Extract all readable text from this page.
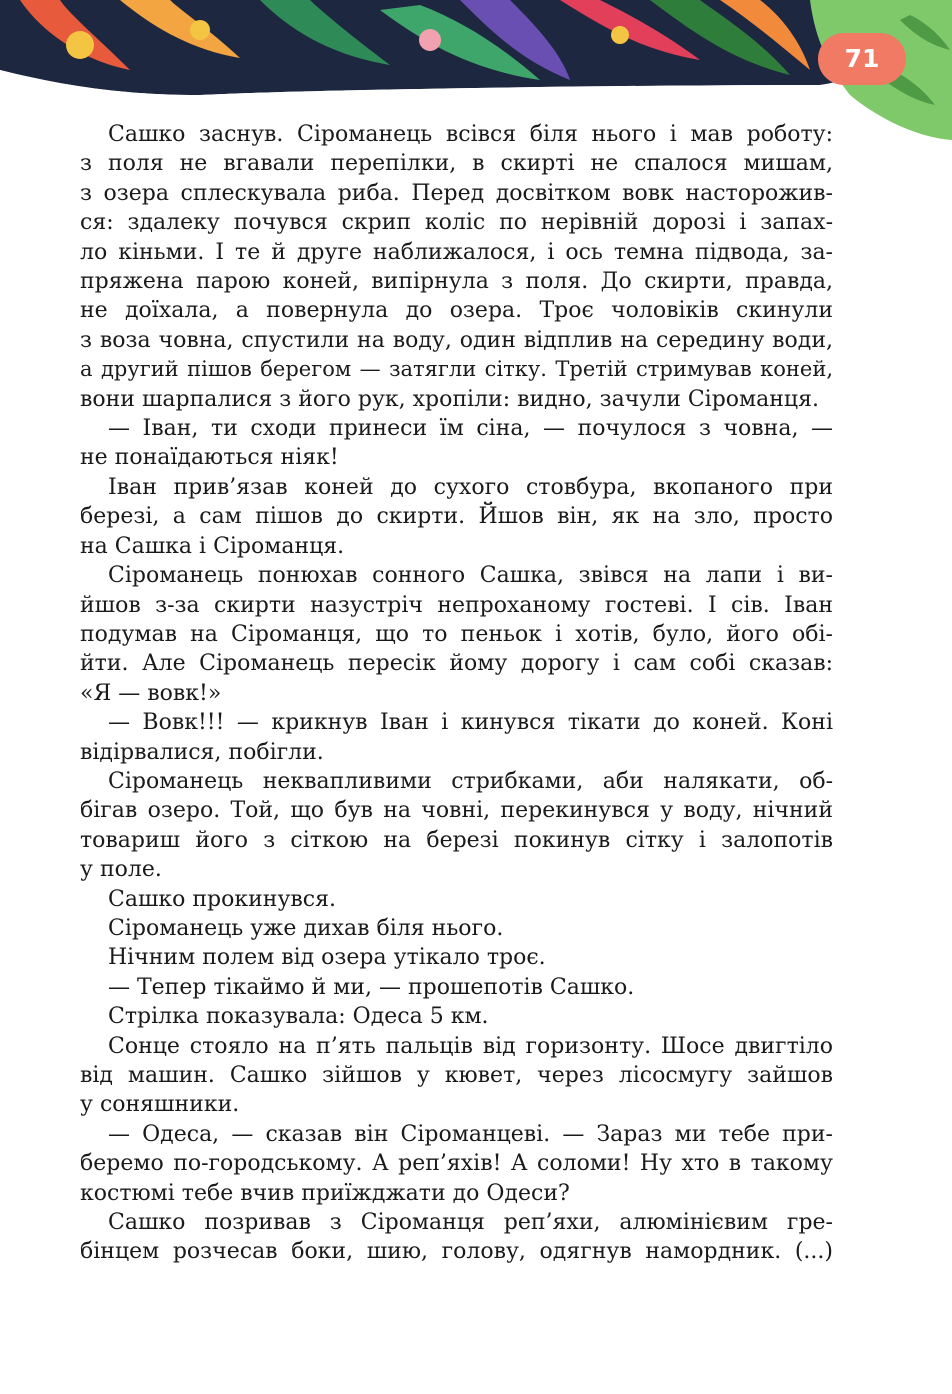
71

Сашко заснув. Сіроманець всівся біля нього і мав роботу:

з поля не вгавали перепілки, в скирті не спалося мишам,

з озера сплескувала риба. Перед досвітком вовк насторожив-

ся: здалеку почувся скрип коліс по нерівній дорозі і запах-

ло кіньми. І те й друге наближалося, і ось темна підвода, за-

пряжена парою коней, випірнула з поля. До скирти, правда,

не доїхала, а повернула до озера. Троє чоловіків скинули

з воза човна, спустили на воду, один відплив на середину води,

а другий пішов берегом — затягли сітку. Третій стримував коней,

вони шарпалися з його рук, хропіли: видно, зачули Сіроманця.

— Іван, ти сходи принеси їм сіна, — почулося з човна, —

не понаїдаються ніяк!

Іван прив’язав коней до сухого стовбура, вкопаного при

березі, а сам пішов до скирти. Йшов він, як на зло, просто

на Сашка і Сіроманця.

Сіроманець понюхав сонного Сашка, звівся на лапи і ви-

йшов з-за скирти назустріч непроханому гостеві. І сів. Іван

подумав на Сіроманця, що то пеньок і хотів, було, його обі-

йти. Але Сіроманець пересік йому дорогу і сам собі сказав:

«Я — вовк!»

— Вовк!!! — крикнув Іван і кинувся тікати до коней. Коні

відірвалися, побігли.

Сіроманець неквапливими стрибками, аби налякати, об-

бігав озеро. Той, що був на човні, перекинувся у воду, нічний

товариш його з сіткою на березі покинув сітку і залопотів

у поле.

Сашко прокинувся.

Сіроманець уже дихав біля нього.

Нічним полем від озера утікало троє.

— Тепер тікаймо й ми, — прошепотів Сашко.

Стрілка показувала: Одеса 5 км.

Сонце стояло на п’ять пальців від горизонту. Шосе двигтіло

від машин. Сашко зійшов у кювет, через лісосмугу зайшов

у соняшники.

— Одеса, — сказав він Сіроманцеві. — Зараз ми тебе при-

беремо по-городському. А реп’яхів! А соломи! Ну хто в такому

костюмі тебе вчив приїжджати до Одеси?

Сашко позривав з Сіроманця реп’яхи, алюмінієвим гре-

бінцем розчесав боки, шию, голову, одягнув намордник. (...)
